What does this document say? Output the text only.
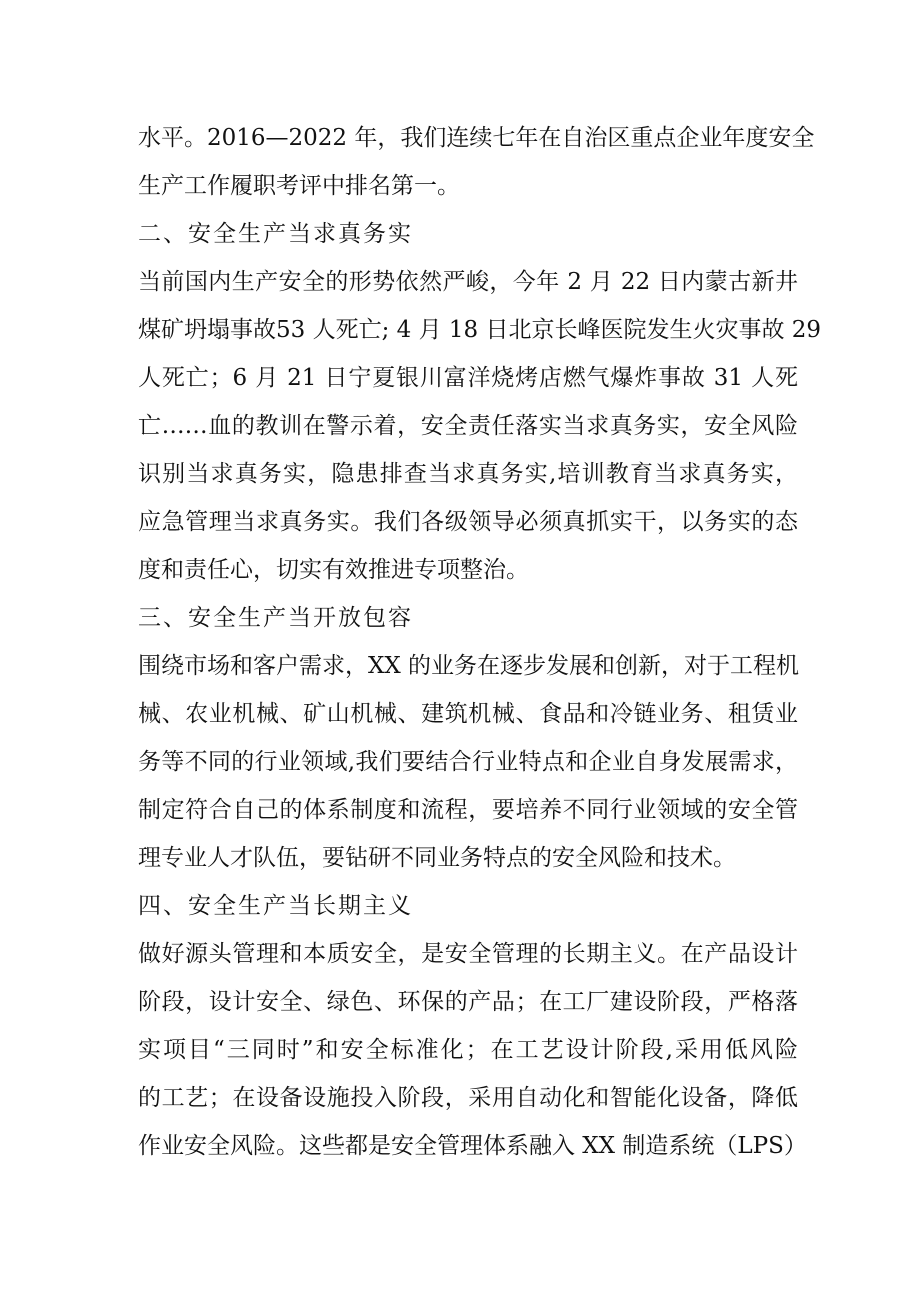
水平。2016—2022 年，我们连续七年在自治区重点企业年度安全
生产工作履职考评中排名第一。
二、安全生产当求真务实
当前国内生产安全的形势依然严峻，今年 2 月 22 日内蒙古新井
煤矿坍塌事故53 人死亡; 4 月 18 日北京长峰医院发生火灾事故 29
人死亡；6 月 21 日宁夏银川富洋烧烤店燃气爆炸事故 31 人死
亡……血的教训在警示着，安全责任落实当求真务实，安全风险
识别当求真务实，隐患排查当求真务实,培训教育当求真务实，
应急管理当求真务实。我们各级领导必须真抓实干，以务实的态
度和责任心，切实有效推进专项整治。
三、安全生产当开放包容
围绕市场和客户需求，XX 的业务在逐步发展和创新，对于工程机
械、农业机械、矿山机械、建筑机械、食品和冷链业务、租赁业
务等不同的行业领域,我们要结合行业特点和企业自身发展需求，
制定符合自己的体系制度和流程，要培养不同行业领域的安全管
理专业人才队伍，要钻研不同业务特点的安全风险和技术。
四、安全生产当长期主义
做好源头管理和本质安全，是安全管理的长期主义。在产品设计
阶段，设计安全、绿色、环保的产品；在工厂建设阶段，严格落
实项目“三同时”和安全标准化；在工艺设计阶段,采用低风险
的工艺；在设备设施投入阶段，采用自动化和智能化设备，降低
作业安全风险。这些都是安全管理体系融入 XX 制造系统（LPS）
